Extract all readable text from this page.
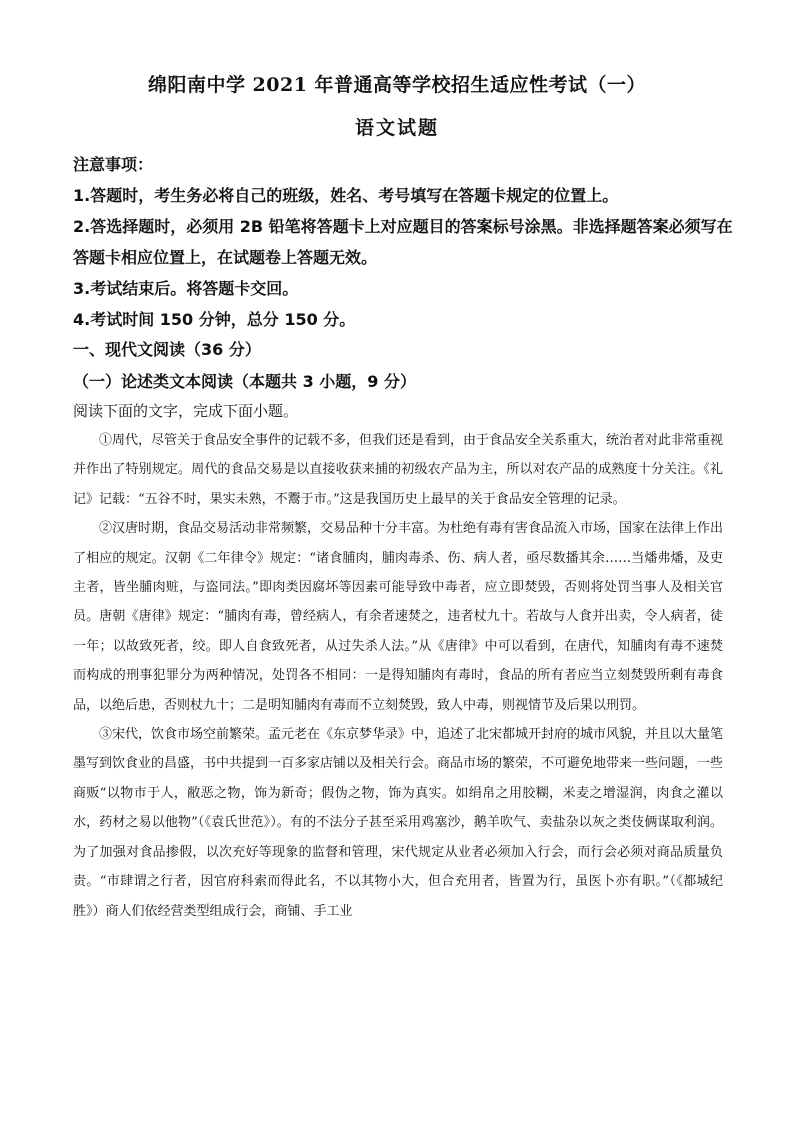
绵阳南中学 2021 年普通高等学校招生适应性考试（一）
语文试题
注意事项：
1.答题时，考生务必将自己的班级，姓名、考号填写在答题卡规定的位置上。
2.答选择题时，必须用 2B 铅笔将答题卡上对应题目的答案标号涂黑。非选择题答案必须写在
答题卡相应位置上，在试题卷上答题无效。
3.考试结束后。将答题卡交回。
4.考试时间 150 分钟，总分 150 分。
一、现代文阅读（36 分）
（一）论述类文本阅读（本题共 3 小题，9 分）
阅读下面的文字，完成下面小题。

①周代，尽管关于食品安全事件的记载不多，但我们还是看到，由于食品安全关系重大，统治者对此非常重视并作出了特别规定。周代的食品交易是以直接收获来捕的初级农产品为主，所以对农产品的成熟度十分关注。《礼记》记载：“五谷不时，果实未熟，不鬻于市。”这是我国历史上最早的关于食品安全管理的记录。

②汉唐时期，食品交易活动非常频繁，交易品种十分丰富。为杜绝有毒有害食品流入市场，国家在法律上作出了相应的规定。汉朝《二年律令》规定：“诸食脯肉，脯肉毒杀、伤、病人者，亟尽数播其余……当燔弗燔，及吏主者，皆坐脯肉赃，与盗同法。”即肉类因腐坏等因素可能导致中毒者，应立即焚毁，否则将处罚当事人及相关官员。唐朝《唐律》规定：“脯肉有毒，曾经病人，有余者速焚之，违者杖九十。若故与人食并出卖，令人病者，徒一年；以故致死者，绞。即人自食致死者，从过失杀人法。”从《唐律》中可以看到，在唐代，知脯肉有毒不速焚而构成的刑事犯罪分为两种情况，处罚各不相同：一是得知脯肉有毒时，食品的所有者应当立刻焚毁所剩有毒食品，以绝后患，否则杖九十；二是明知脯肉有毒而不立刻焚毁，致人中毒，则视情节及后果以刑罚。

③宋代，饮食市场空前繁荣。孟元老在《东京梦华录》中，追述了北宋都城开封府的城市风貌，并且以大量笔墨写到饮食业的昌盛，书中共提到一百多家店铺以及相关行会。商品市场的繁荣，不可避免地带来一些问题，一些商贩“以物市于人，敝恶之物，饰为新奇；假伪之物，饰为真实。如绢帛之用胶糊，米麦之增湿润，肉食之灌以水，药材之易以他物”（《袁氏世范》）。有的不法分子甚至采用鸡塞沙，鹅羊吹气、卖盐杂以灰之类伎俩谋取利润。为了加强对食品掺假，以次充好等现象的监督和管理，宋代规定从业者必须加入行会，而行会必须对商品质量负责。“市肆谓之行者，因官府科索而得此名，不以其物小大，但合充用者，皆置为行，虽医卜亦有职。”（《都城纪胜》）商人们依经营类型组成行会，商铺、手工业
